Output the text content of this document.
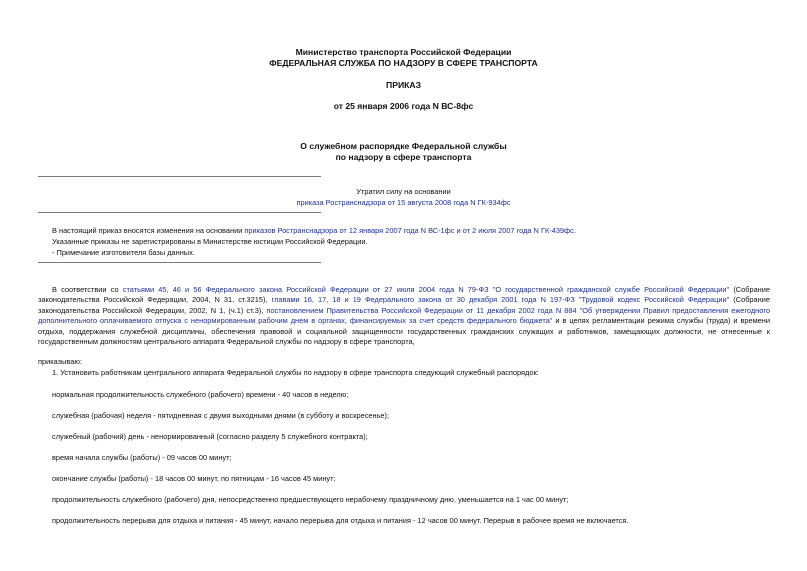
Министерство транспорта Российской Федерации
ФЕДЕРАЛЬНАЯ СЛУЖБА ПО НАДЗОРУ В СФЕРЕ ТРАНСПОРТА
ПРИКАЗ
от 25 января 2006 года N ВС-8фс
О служебном распорядке Федеральной службы
по надзору в сфере транспорта
Утратил силу на основании
приказа Ространснадзора от 15 августа 2008 года N ГК-934фс
В настоящий приказ вносятся изменения на основании приказов Ространснадзора от 12 января 2007 года N ВС-1фс и от 2 июля 2007 года N ГК-439фс.
Указанные приказы не зарегистрированы в Министерстве юстиции Российской Федерации.
- Примечание изготовителя базы данных.
В соответствии со статьями 45, 46 и 56 Федерального закона Российской Федерации от 27 июля 2004 года N 79-ФЗ "О государственной гражданской службе Российской Федерации" (Собрание законодательства Российской Федерации, 2004, N 31, ст.3215), главами 16, 17, 18 и 19 Федерального закона от 30 декабря 2001 года N 197-ФЗ "Трудовой кодекс Российской Федерации" (Собрание законодательства Российской Федерации, 2002, N 1, (ч.1) ст.3), постановлением Правительства Российской Федерации от 11 декабря 2002 года N 884 "Об утверждении Правил предоставления ежегодного дополнительного оплачиваемого отпуска с ненормированным рабочим днем в органах, финансируемых за счет средств федерального бюджета" и в целях регламентации режима службы (труда) и времени отдыха, поддержания служебной дисциплины, обеспечения правовой и социальной защищенности государственных гражданских служащих и работников, замещающих должности, не отнесенные к государственным должностям центрального аппарата Федеральной службы по надзору в сфере транспорта,
приказываю:
1. Установить работникам центрального аппарата Федеральной службы по надзору в сфере транспорта следующий служебный распорядок:
нормальная продолжительность служебного (рабочего) времени - 40 часов в неделю;
служебная (рабочая) неделя - пятидневная с двумя выходными днями (в субботу и воскресенье);
служебный (рабочий) день - ненормированный (согласно разделу 5 служебного контракта);
время начала службы (работы) - 09 часов 00 минут;
окончание службы (работы) - 18 часов 00 минут, по пятницам - 16 часов 45 минут;
продолжительность служебного (рабочего) дня, непосредственно предшествующего нерабочему праздничному дню, уменьшается на 1 час 00 минут;
продолжительность перерыва для отдыха и питания - 45 минут, начало перерыва для отдыха и питания - 12 часов 00 минут. Перерыв в рабочее время не включается.
